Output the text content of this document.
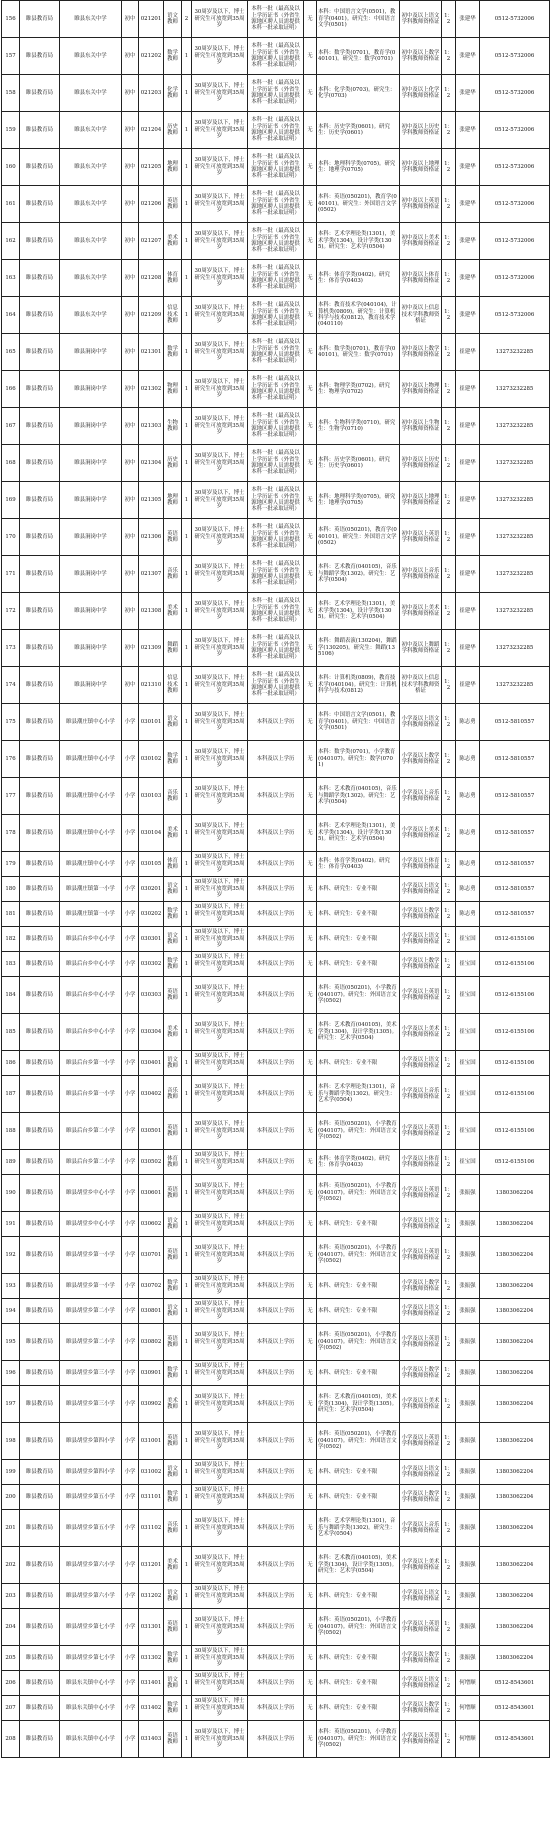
156	睢县教育局	睢县东关中学	初中	021201	语文教师	2	30周岁及以下，博士研究生可放宽到35周岁	本科一批（最高及以上学历证书（外省生源地区聘人员需提供本科一批录取证明）	无	本科：中国语言文学(0501)，教育学(0401)。研究生：中国语言文学(0501)	初中及以上语文学科教师资格证	1：2	张建华	0512-5732006
157	睢县教育局	睢县东关中学	初中	021202	数学教师	1	30周岁及以下，博士研究生可放宽到35周岁	本科一批（最高及以上学历证书（外省生源地区聘人员需提供本科一批录取证明）	无	本科：数学类(0701)，教育学(040101)。研究生：数学(0701)	初中及以上数学学科教师资格证	1：2	张建华	0512-5732006
158	睢县教育局	睢县东关中学	初中	021203	化学教师	1	30周岁及以下，博士研究生可放宽到35周岁	本科一批（最高及以上学历证书（外省生源地区聘人员需提供本科一批录取证明）	无	本科：化学类(0703)。研究生：化学(0703)	初中及以上化学学科教师资格证	1：2	张建华	0512-5732006
159	睢县教育局	睢县东关中学	初中	021204	历史教师	1	30周岁及以下，博士研究生可放宽到35周岁	本科一批（最高及以上学历证书（外省生源地区聘人员需提供本科一批录取证明）	无	本科：历史学类(0601)。研究生：历史学(0601)	初中及以上历史学科教师资格证	1：2	张建华	0512-5732006
160	睢县教育局	睢县东关中学	初中	021205	地理教师	1	30周岁及以下，博士研究生可放宽到35周岁	本科一批（最高及以上学历证书（外省生源地区聘人员需提供本科一批录取证明）	无	本科：地理科学类(0705)。研究生：地理学(0705)	初中及以上地理学科教师资格证	1：2	张建华	0512-5732006
161	睢县教育局	睢县东关中学	初中	021206	英语教师	1	30周岁及以下，博士研究生可放宽到35周岁	本科一批（最高及以上学历证书（外省生源地区聘人员需提供本科一批录取证明）	无	本科：英语(050201)，教育学(040101)。研究生：外国语言文学(0502)	初中及以上英语学科教师资格证	1：2	张建华	0512-5732006
162	睢县教育局	睢县东关中学	初中	021207	美术教师	1	30周岁及以下，博士研究生可放宽到35周岁	本科一批（最高及以上学历证书（外省生源地区聘人员需提供本科一批录取证明）	无	本科：艺术学理论类(1301)，美术学类(1304)，设计学类(1305)。研究生：艺术学(0504)	初中及以上美术学科教师资格证	1：2	张建华	0512-5732006
163	睢县教育局	睢县东关中学	初中	021208	体育教师	1	30周岁及以下，博士研究生可放宽到35周岁	本科一批（最高及以上学历证书（外省生源地区聘人员需提供本科一批录取证明）	无	本科：体育学类(0402)。研究生：体育学(0403)	初中及以上体育学科教师资格证	1：2	张建华	0512-5732006
164	睢县教育局	睢县东关中学	初中	021209	信息技术教师	1	30周岁及以下，博士研究生可放宽到35周岁	本科一批（最高及以上学历证书（外省生源地区聘人员需提供本科一批录取证明）	无	本科：教育技术学(040104)，计算机类(0809)。研究生：计算机科学与技术(0812)，教育技术学(040110)	初中及以上信息技术学科教师资格证	1：2	张建华	0512-5732006
165	睢县教育局	睢县涧岗中学	初中	021301	数学教师	1	30周岁及以下，博士研究生可放宽到35周岁	本科一批（最高及以上学历证书（外省生源地区聘人员需提供本科一批录取证明）	无	本科：数学类(0701)，教育学(040101)。研究生：数学(0701)	初中及以上数学学科教师资格证	1：2	崔建华	13273232285
166	睢县教育局	睢县涧岗中学	初中	021302	物理教师	1	30周岁及以下，博士研究生可放宽到35周岁	本科一批（最高及以上学历证书（外省生源地区聘人员需提供本科一批录取证明）	无	本科：物理学类(0702)。研究生：物理学(0702)	初中及以上物理学科教师资格证	1：2	崔建华	13273232285
167	睢县教育局	睢县涧岗中学	初中	021303	生物教师	1	30周岁及以下，博士研究生可放宽到35周岁	本科一批（最高及以上学历证书（外省生源地区聘人员需提供本科一批录取证明）	无	本科：生物科学类(0710)。研究生：生物学(0710)	初中及以上生物学科教师资格证	1：2	崔建华	13273232285
168	睢县教育局	睢县涧岗中学	初中	021304	历史教师	1	30周岁及以下，博士研究生可放宽到35周岁	本科一批（最高及以上学历证书（外省生源地区聘人员需提供本科一批录取证明）	无	本科：历史学类(0601)。研究生：历史学(0601)	初中及以上历史学科教师资格证	1：2	崔建华	13273232285
169	睢县教育局	睢县涧岗中学	初中	021305	地理教师	1	30周岁及以下，博士研究生可放宽到35周岁	本科一批（最高及以上学历证书（外省生源地区聘人员需提供本科一批录取证明）	无	本科：地理科学类(0705)。研究生：地理学(0705)	初中及以上地理学科教师资格证	1：2	崔建华	13273232285
170	睢县教育局	睢县涧岗中学	初中	021306	英语教师	1	30周岁及以下，博士研究生可放宽到35周岁	本科一批（最高及以上学历证书（外省生源地区聘人员需提供本科一批录取证明）	无	本科：英语(050201)，教育学(040101)。研究生：外国语言文学(0502)	初中及以上英语学科教师资格证	1：2	崔建华	13273232285
171	睢县教育局	睢县涧岗中学	初中	021307	音乐教师	1	30周岁及以下，博士研究生可放宽到35周岁	本科一批（最高及以上学历证书（外省生源地区聘人员需提供本科一批录取证明）	无	本科：艺术教育(040105)，音乐与舞蹈学类(1302)。研究生：艺术学(0504)	初中及以上音乐学科教师资格证	1：2	崔建华	13273232285
172	睢县教育局	睢县涧岗中学	初中	021308	美术教师	1	30周岁及以下，博士研究生可放宽到35周岁	本科一批（最高及以上学历证书（外省生源地区聘人员需提供本科一批录取证明）	无	本科：艺术学理论类(1301)，美术学类(1304)，设计学类(1305)。研究生：艺术学(0504)	初中及以上美术学科教师资格证	1：2	崔建华	13273232285
173	睢县教育局	睢县涧岗中学	初中	021309	舞蹈教师	1	30周岁及以下，博士研究生可放宽到35周岁	本科一批（最高及以上学历证书（外省生源地区聘人员需提供本科一批录取证明）	无	本科：舞蹈表演(130204)，舞蹈学(130205)。研究生：舞蹈(135106)	初中及以上舞蹈学科教师资格证	1：2	崔建华	13273232285
174	睢县教育局	睢县涧岗中学	初中	021310	信息技术教师	1	30周岁及以下，博士研究生可放宽到35周岁	本科一批（最高及以上学历证书（外省生源地区聘人员需提供本科一批录取证明）	无	本科：计算机类(0809)，教育技术学(040104)。研究生：计算机科学与技术(0812)	初中及以上信息技术学科教师资格证	1：2	崔建华	13273232285
175	睢县教育局	睢县潮庄镇中心小学	小学	030101	语文教师	1	30周岁及以下，博士研究生可放宽到35周岁	本科及以上学历	无	本科：中国语言文学(0501)，教育学(0401)。研究生：中国语言文学(0501)	小学及以上语文学科教师资格证	1：2	陈志勇	0512-5810557
176	睢县教育局	睢县潮庄镇中心小学	小学	030102	数学教师	1	30周岁及以下，博士研究生可放宽到35周岁	本科及以上学历	无	本科：数学类(0701)，小学教育(040107)。研究生：数学(0701)	小学及以上数学学科教师资格证	1：2	陈志勇	0512-5810557
177	睢县教育局	睢县潮庄镇中心小学	小学	030103	音乐教师	1	30周岁及以下，博士研究生可放宽到35周岁	本科及以上学历	无	本科：艺术教育(040105)，音乐与舞蹈学类(1302)。研究生：艺术学(0504)	小学及以上音乐学科教师资格证	1：2	陈志勇	0512-5810557
178	睢县教育局	睢县潮庄镇中心小学	小学	030104	美术教师	1	30周岁及以下，博士研究生可放宽到35周岁	本科及以上学历	无	本科：艺术学理论类(1301)，美术学类(1304)，设计学类(1305)。研究生：艺术学(0504)	小学及以上美术学科教师资格证	1：2	陈志勇	0512-5810557
179	睢县教育局	睢县潮庄镇中心小学	小学	030105	体育教师	1	30周岁及以下，博士研究生可放宽到35周岁	本科及以上学历	无	本科：体育学类(0402)。研究生：体育学(0403)	小学及以上体育学科教师资格证	1：2	陈志勇	0512-5810557
180	睢县教育局	睢县潮庄镇第一小学	小学	030201	语文教师	1	30周岁及以下，博士研究生可放宽到35周岁	本科及以上学历	无	本科、研究生：专业不限	小学及以上语文学科教师资格证	1：2	陈志勇	0512-5810557
181	睢县教育局	睢县潮庄镇第一小学	小学	030202	数学教师	1	30周岁及以下，博士研究生可放宽到35周岁	本科及以上学历	无	本科、研究生：专业不限	小学及以上数学学科教师资格证	1：2	陈志勇	0512-5810557
182	睢县教育局	睢县后台乡中心小学	小学	030301	语文教师	1	30周岁及以下，博士研究生可放宽到35周岁	本科及以上学历	无	本科、研究生：专业不限	小学及以上语文学科教师资格证	1：2	崔宝国	0512-6155106
183	睢县教育局	睢县后台乡中心小学	小学	030302	数学教师	1	30周岁及以下，博士研究生可放宽到35周岁	本科及以上学历	无	本科、研究生：专业不限	小学及以上数学学科教师资格证	1：2	崔宝国	0512-6155106
184	睢县教育局	睢县后台乡中心小学	小学	030303	英语教师	1	30周岁及以下，博士研究生可放宽到35周岁	本科及以上学历	无	本科：英语(050201)，小学教育(040107)。研究生：外国语言文学(0502)	小学及以上英语学科教师资格证	1：2	崔宝国	0512-6155106
185	睢县教育局	睢县后台乡中心小学	小学	030304	美术教师	1	30周岁及以下，博士研究生可放宽到35周岁	本科及以上学历	无	本科：艺术教育(040105)，美术学类(1304)，设计学类(1305)。研究生：艺术学(0504)	小学及以上美术学科教师资格证	1：2	崔宝国	0512-6155106
186	睢县教育局	睢县后台乡第一小学	小学	030401	语文教师	1	30周岁及以下，博士研究生可放宽到35周岁	本科及以上学历	无	本科、研究生：专业不限	小学及以上语文学科教师资格证	1：2	崔宝国	0512-6155106
187	睢县教育局	睢县后台乡第一小学	小学	030402	音乐教师	1	30周岁及以下，博士研究生可放宽到35周岁	本科及以上学历	无	本科：艺术学理论类(1301)，音乐与舞蹈学类(1302)。研究生：艺术学(0504)	小学及以上音乐学科教师资格证	1：2	崔宝国	0512-6155106
188	睢县教育局	睢县后台乡第二小学	小学	030501	英语教师	1	30周岁及以下，博士研究生可放宽到35周岁	本科及以上学历	无	本科：英语(050201)，小学教育(040107)。研究生：外国语言文学(0502)	小学及以上英语学科教师资格证	1：2	崔宝国	0512-6155106
189	睢县教育局	睢县后台乡第二小学	小学	030502	体育教师	1	30周岁及以下，博士研究生可放宽到35周岁	本科及以上学历	无	本科：体育学类(0402)。研究生：体育学(0403)	小学及以上体育学科教师资格证	1：2	崔宝国	0512-6155106
190	睢县教育局	睢县胡堂乡中心小学	小学	030601	英语教师	1	30周岁及以下，博士研究生可放宽到35周岁	本科及以上学历	无	本科：英语(050201)，小学教育(040107)。研究生：外国语言文学(0502)	小学及以上英语学科教师资格证	1：2	张振强	13803062204
191	睢县教育局	睢县胡堂乡中心小学	小学	030602	语文教师	1	30周岁及以下，博士研究生可放宽到35周岁	本科及以上学历	无	本科、研究生：专业不限	小学及以上语文学科教师资格证	1：2	张振强	13803062204
192	睢县教育局	睢县胡堂乡第一小学	小学	030701	英语教师	1	30周岁及以下，博士研究生可放宽到35周岁	本科及以上学历	无	本科：英语(050201)，小学教育(040107)。研究生：外国语言文学(0502)	小学及以上英语学科教师资格证	1：2	张振强	13803062204
193	睢县教育局	睢县胡堂乡第一小学	小学	030702	数学教师	1	30周岁及以下，博士研究生可放宽到35周岁	本科及以上学历	无	本科、研究生：专业不限	小学及以上数学学科教师资格证	1：2	张振强	13803062204
194	睢县教育局	睢县胡堂乡第二小学	小学	030801	语文教师	1	30周岁及以下，博士研究生可放宽到35周岁	本科及以上学历	无	本科、研究生：专业不限	小学及以上语文学科教师资格证	1：2	张振强	13803062204
195	睢县教育局	睢县胡堂乡第二小学	小学	030802	英语教师	1	30周岁及以下，博士研究生可放宽到35周岁	本科及以上学历	无	本科：英语(050201)，小学教育(040107)。研究生：外国语言文学(0502)	小学及以上英语学科教师资格证	1：2	张振强	13803062204
196	睢县教育局	睢县胡堂乡第三小学	小学	030901	数学教师	1	30周岁及以下，博士研究生可放宽到35周岁	本科及以上学历	无	本科、研究生：专业不限	小学及以上数学学科教师资格证	1：2	张振强	13803062204
197	睢县教育局	睢县胡堂乡第三小学	小学	030902	美术教师	1	30周岁及以下，博士研究生可放宽到35周岁	本科及以上学历	无	本科：艺术教育(040105)，美术学类(1304)，设计学类(1305)。研究生：艺术学(0504)	小学及以上美术学科教师资格证	1：2	张振强	13803062204
198	睢县教育局	睢县胡堂乡第四小学	小学	031001	英语教师	1	30周岁及以下，博士研究生可放宽到35周岁	本科及以上学历	无	本科：英语(050201)，小学教育(040107)。研究生：外国语言文学(0502)	小学及以上英语学科教师资格证	1：2	张振强	13803062204
199	睢县教育局	睢县胡堂乡第四小学	小学	031002	语文教师	1	30周岁及以下，博士研究生可放宽到35周岁	本科及以上学历	无	本科、研究生：专业不限	小学及以上语文学科教师资格证	1：2	张振强	13803062204
200	睢县教育局	睢县胡堂乡第五小学	小学	031101	数学教师	1	30周岁及以下，博士研究生可放宽到35周岁	本科及以上学历	无	本科、研究生：专业不限	小学及以上数学学科教师资格证	1：2	张振强	13803062204
201	睢县教育局	睢县胡堂乡第五小学	小学	031102	音乐教师	1	30周岁及以下，博士研究生可放宽到35周岁	本科及以上学历	无	本科：艺术学理论类(1301)，音乐与舞蹈学类(1302)。研究生：艺术学(0504)	小学及以上音乐学科教师资格证	1：2	张振强	13803062204
202	睢县教育局	睢县胡堂乡第六小学	小学	031201	美术教师	1	30周岁及以下，博士研究生可放宽到35周岁	本科及以上学历	无	本科：艺术教育(040105)，美术学类(1304)，设计学类(1305)。研究生：艺术学(0504)	小学及以上美术学科教师资格证	1：2	张振强	13803062204
203	睢县教育局	睢县胡堂乡第六小学	小学	031202	语文教师	1	30周岁及以下，博士研究生可放宽到35周岁	本科及以上学历	无	本科、研究生：专业不限	小学及以上语文学科教师资格证	1：2	张振强	13803062204
204	睢县教育局	睢县胡堂乡第七小学	小学	031301	英语教师	1	30周岁及以下，博士研究生可放宽到35周岁	本科及以上学历	无	本科：英语(050201)，小学教育(040107)。研究生：外国语言文学(0502)	小学及以上英语学科教师资格证	1：2	张振强	13803062204
205	睢县教育局	睢县胡堂乡第七小学	小学	031302	数学教师	1	30周岁及以下，博士研究生可放宽到35周岁	本科及以上学历	无	本科、研究生：专业不限	小学及以上数学学科教师资格证	1：2	张振强	13803062204
206	睢县教育局	睢县东关镇中心小学	小学	031401	语文教师	1	30周岁及以下，博士研究生可放宽到35周岁	本科及以上学历	无	本科、研究生：专业不限	小学及以上语文学科教师资格证	1：2	何增顺	0512-8543601
207	睢县教育局	睢县东关镇中心小学	小学	031402	数学教师	1	30周岁及以下，博士研究生可放宽到35周岁	本科及以上学历	无	本科、研究生：专业不限	小学及以上数学学科教师资格证	1：2	何增顺	0512-8543601
208	睢县教育局	睢县东关镇中心小学	小学	031403	英语教师	1	30周岁及以下，博士研究生可放宽到35周岁	本科及以上学历	无	本科：英语(050201)，小学教育(040107)。研究生：外国语言文学(0502)	小学及以上英语学科教师资格证	1：2	何增顺	0512-8543601
